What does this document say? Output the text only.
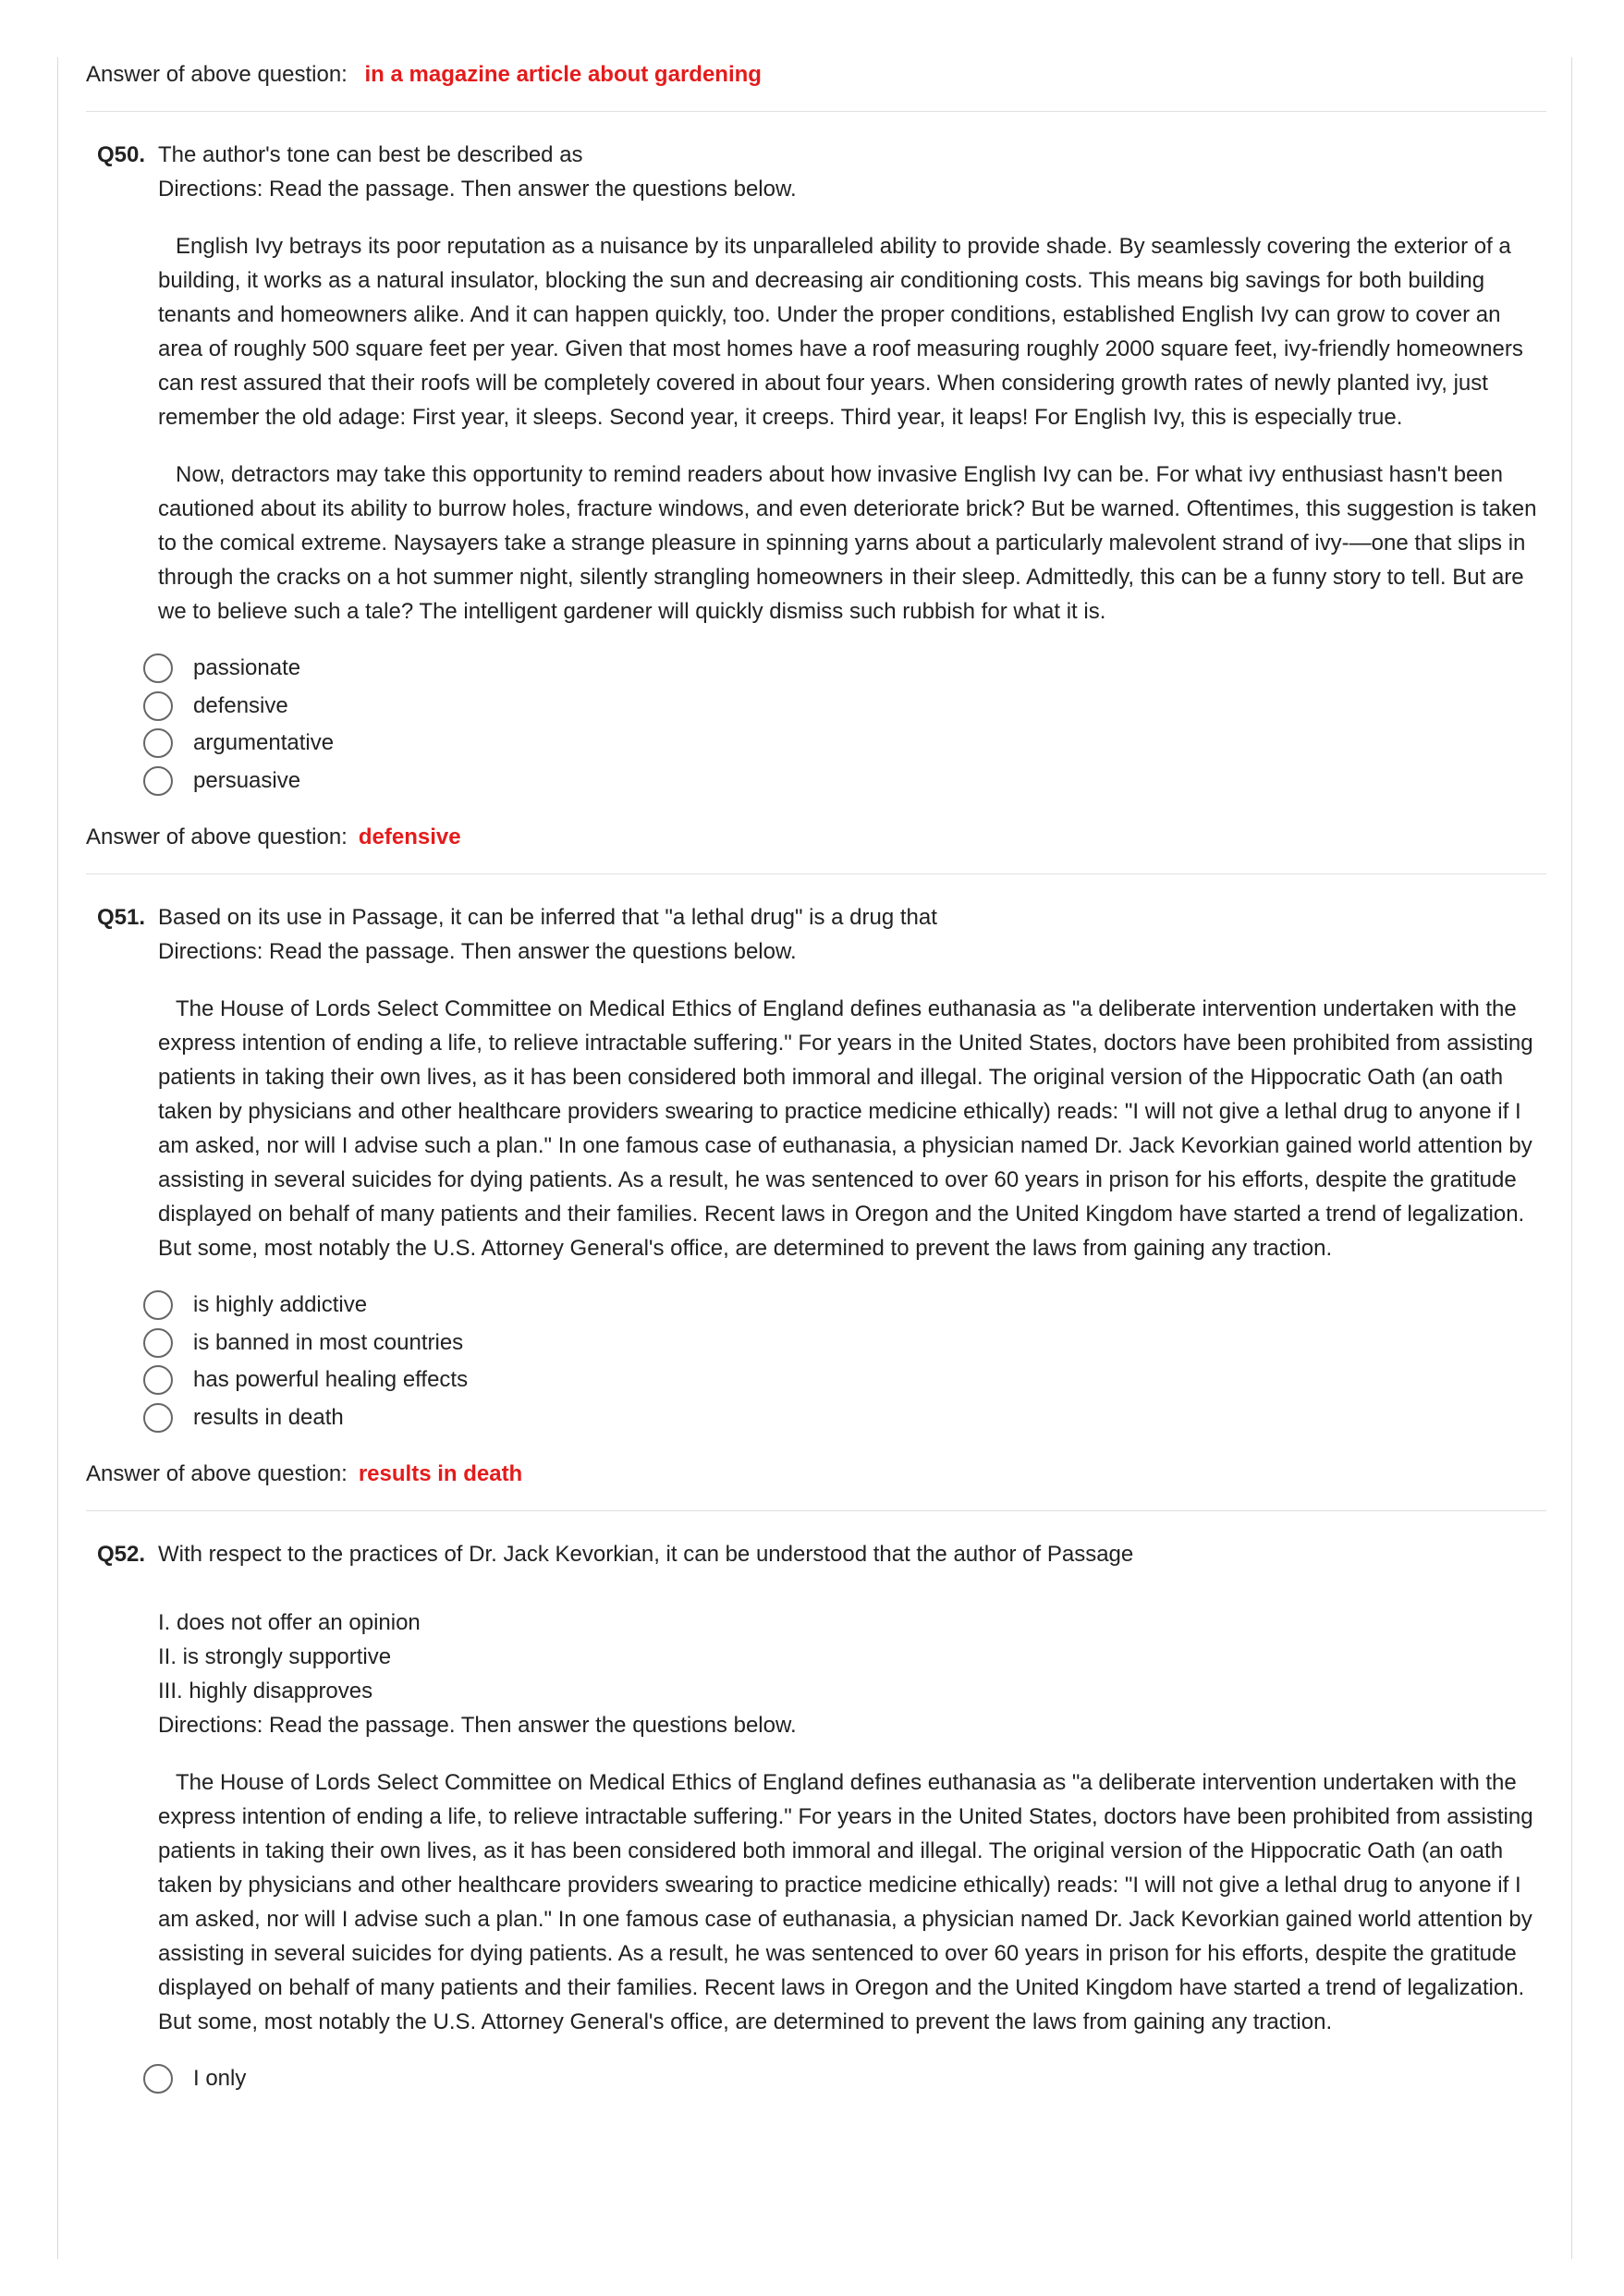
Answer of above question: in a magazine article about gardening
Q50. The author's tone can best be described as
Directions: Read the passage. Then answer the questions below.
English Ivy betrays its poor reputation as a nuisance by its unparalleled ability to provide shade. By seamlessly covering the exterior of a building, it works as a natural insulator, blocking the sun and decreasing air conditioning costs. This means big savings for both building tenants and homeowners alike. And it can happen quickly, too. Under the proper conditions, established English Ivy can grow to cover an area of roughly 500 square feet per year. Given that most homes have a roof measuring roughly 2000 square feet, ivy-friendly homeowners can rest assured that their roofs will be completely covered in about four years. When considering growth rates of newly planted ivy, just remember the old adage: First year, it sleeps. Second year, it creeps. Third year, it leaps! For English Ivy, this is especially true.
Now, detractors may take this opportunity to remind readers about how invasive English Ivy can be. For what ivy enthusiast hasn't been cautioned about its ability to burrow holes, fracture windows, and even deteriorate brick? But be warned. Oftentimes, this suggestion is taken to the comical extreme. Naysayers take a strange pleasure in spinning yarns about a particularly malevolent strand of ivy-—one that slips in through the cracks on a hot summer night, silently strangling homeowners in their sleep. Admittedly, this can be a funny story to tell. But are we to believe such a tale? The intelligent gardener will quickly dismiss such rubbish for what it is.
passionate
defensive
argumentative
persuasive
Answer of above question: defensive
Q51. Based on its use in Passage, it can be inferred that "a lethal drug" is a drug that
Directions: Read the passage. Then answer the questions below.
The House of Lords Select Committee on Medical Ethics of England defines euthanasia as "a deliberate intervention undertaken with the express intention of ending a life, to relieve intractable suffering." For years in the United States, doctors have been prohibited from assisting patients in taking their own lives, as it has been considered both immoral and illegal. The original version of the Hippocratic Oath (an oath taken by physicians and other healthcare providers swearing to practice medicine ethically) reads: "I will not give a lethal drug to anyone if I am asked, nor will I advise such a plan." In one famous case of euthanasia, a physician named Dr. Jack Kevorkian gained world attention by assisting in several suicides for dying patients. As a result, he was sentenced to over 60 years in prison for his efforts, despite the gratitude displayed on behalf of many patients and their families. Recent laws in Oregon and the United Kingdom have started a trend of legalization. But some, most notably the U.S. Attorney General's office, are determined to prevent the laws from gaining any traction.
is highly addictive
is banned in most countries
has powerful healing effects
results in death
Answer of above question: results in death
Q52. With respect to the practices of Dr. Jack Kevorkian, it can be understood that the author of Passage
I. does not offer an opinion
II. is strongly supportive
III. highly disapproves
Directions: Read the passage. Then answer the questions below.
The House of Lords Select Committee on Medical Ethics of England defines euthanasia as "a deliberate intervention undertaken with the express intention of ending a life, to relieve intractable suffering." For years in the United States, doctors have been prohibited from assisting patients in taking their own lives, as it has been considered both immoral and illegal. The original version of the Hippocratic Oath (an oath taken by physicians and other healthcare providers swearing to practice medicine ethically) reads: "I will not give a lethal drug to anyone if I am asked, nor will I advise such a plan." In one famous case of euthanasia, a physician named Dr. Jack Kevorkian gained world attention by assisting in several suicides for dying patients. As a result, he was sentenced to over 60 years in prison for his efforts, despite the gratitude displayed on behalf of many patients and their families. Recent laws in Oregon and the United Kingdom have started a trend of legalization. But some, most notably the U.S. Attorney General's office, are determined to prevent the laws from gaining any traction.
I only
